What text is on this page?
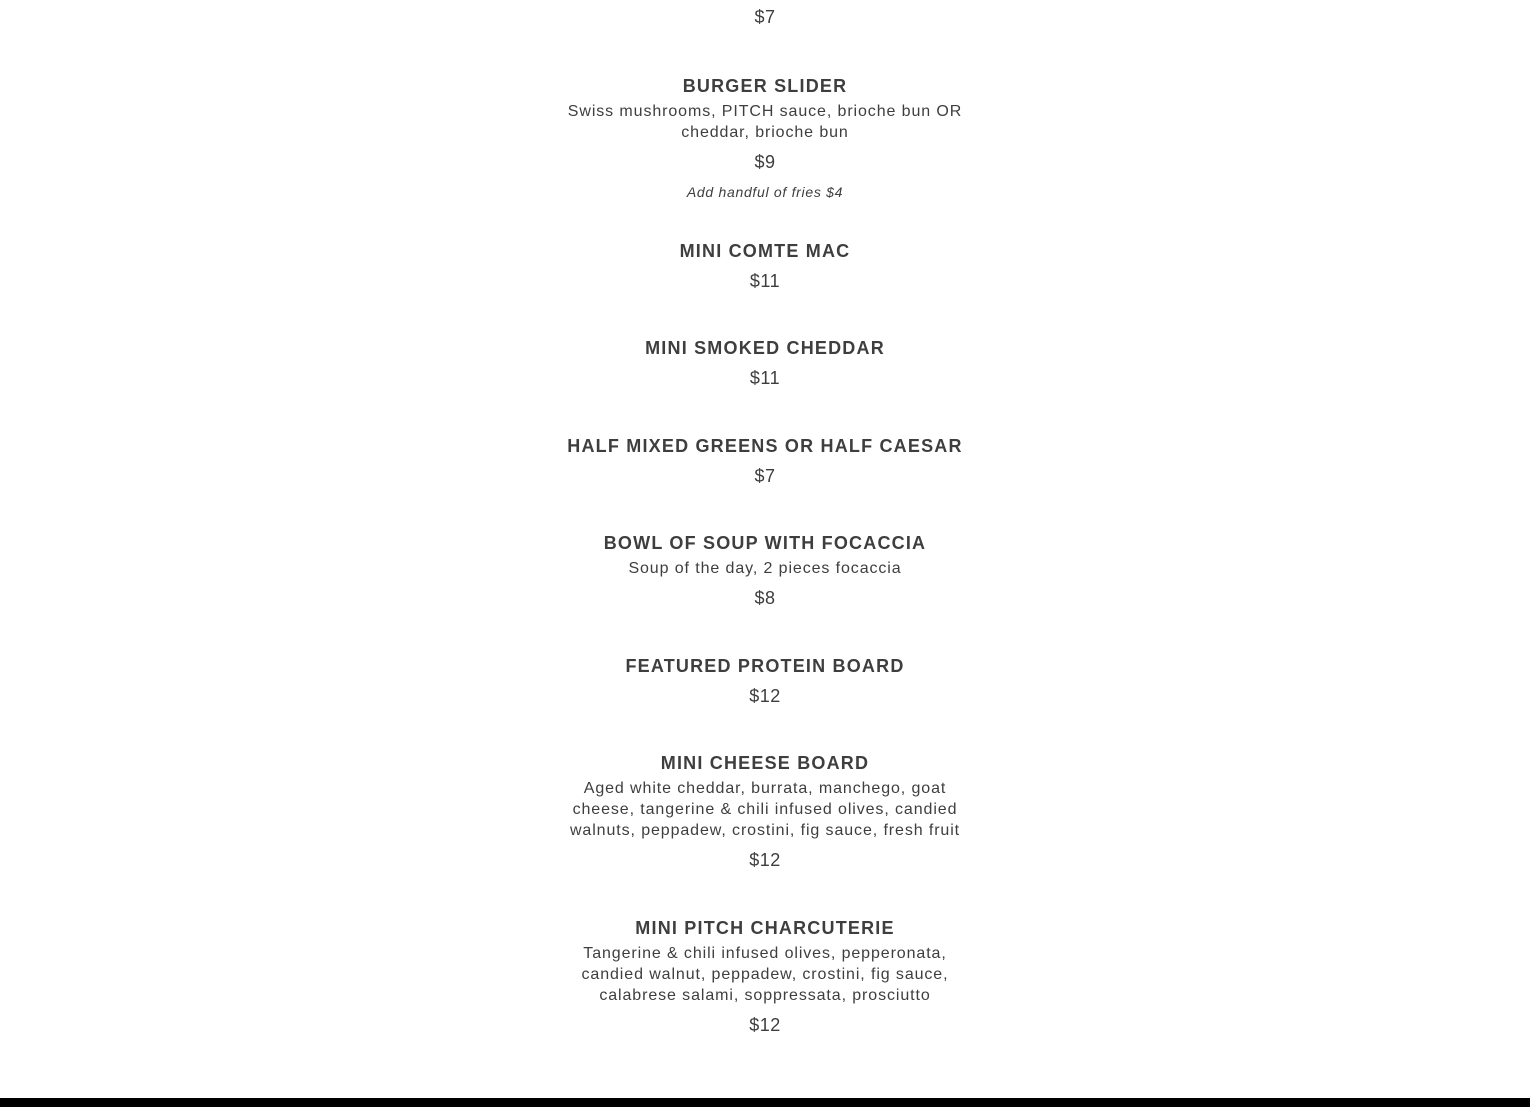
$7

BURGER SLIDER

Swiss mushrooms, PITCH sauce, brioche bun OR cheddar, brioche bun

$9

Add handful of fries $4

MINI COMTE MAC

$11

MINI SMOKED CHEDDAR

$11

HALF MIXED GREENS OR HALF CAESAR

$7

BOWL OF SOUP WITH FOCACCIA

Soup of the day, 2 pieces focaccia

$8

FEATURED PROTEIN BOARD

$12

MINI CHEESE BOARD

Aged white cheddar, burrata, manchego, goat cheese, tangerine & chili infused olives, candied walnuts, peppadew, crostini, fig sauce, fresh fruit

$12

MINI PITCH CHARCUTERIE

Tangerine & chili infused olives, pepperonata, candied walnut, peppadew, crostini, fig sauce, calabrese salami, soppressata, prosciutto

$12
